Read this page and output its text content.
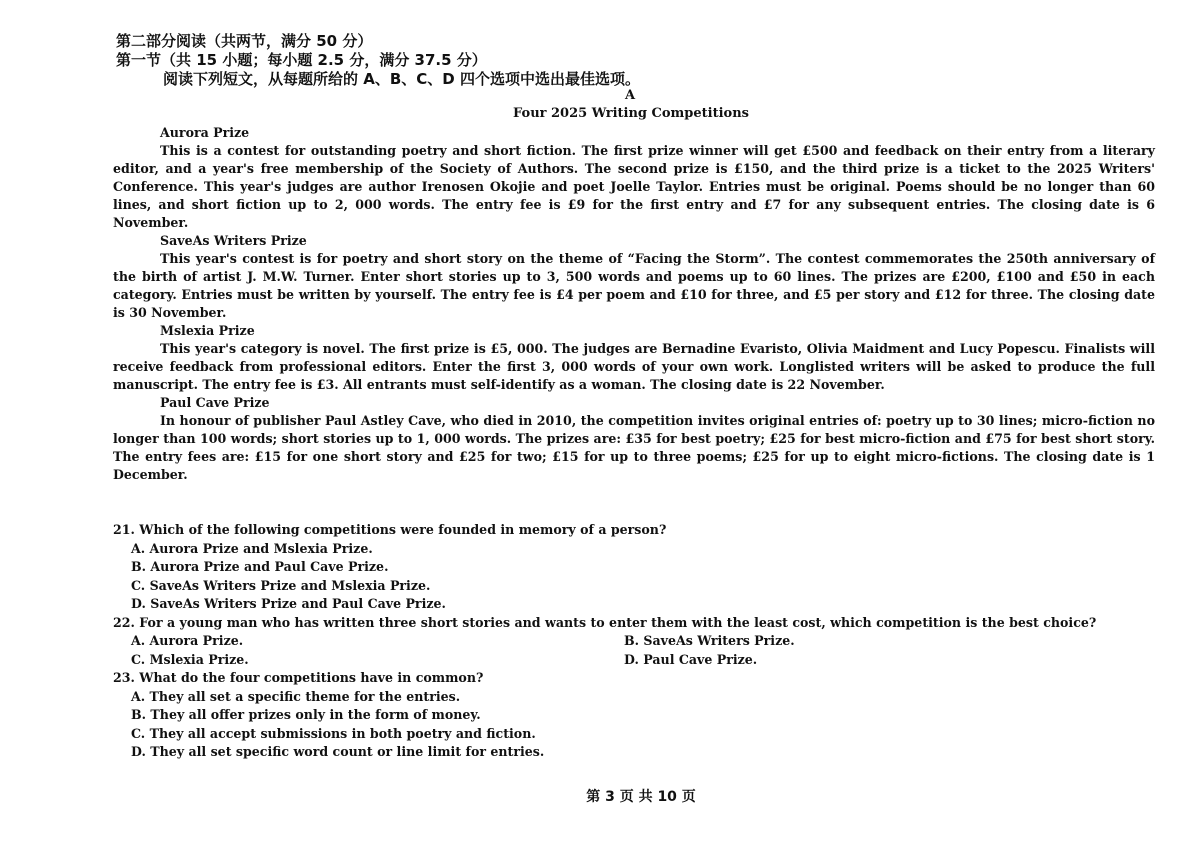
第二部分阅读（共两节，满分 50 分）
第一节（共 15 小题；每小题 2.5 分，满分 37.5 分）
阅读下列短文，从每题所给的 A、B、C、D 四个选项中选出最佳选项。
A
Four 2025 Writing Competitions
Aurora Prize

This is a contest for outstanding poetry and short fiction. The first prize winner will get £500 and feedback on their entry from a literary editor, and a year's free membership of the Society of Authors. The second prize is £150, and the third prize is a ticket to the 2025 Writers' Conference. This year's judges are author Irenosen Okojie and poet Joelle Taylor. Entries must be original. Poems should be no longer than 60 lines, and short fiction up to 2, 000 words. The entry fee is £9 for the first entry and £7 for any subsequent entries. The closing date is 6 November.

SaveAs Writers Prize

This year's contest is for poetry and short story on the theme of “Facing the Storm”. The contest commemorates the 250th anniversary of the birth of artist J. M.W. Turner. Enter short stories up to 3, 500 words and poems up to 60 lines. The prizes are £200, £100 and £50 in each category. Entries must be written by yourself. The entry fee is £4 per poem and £10 for three, and £5 per story and £12 for three. The closing date is 30 November.

Mslexia Prize

This year's category is novel. The first prize is £5, 000. The judges are Bernadine Evaristo, Olivia Maidment and Lucy Popescu. Finalists will receive feedback from professional editors. Enter the first 3, 000 words of your own work. Longlisted writers will be asked to produce the full manuscript. The entry fee is £3. All entrants must self-identify as a woman. The closing date is 22 November.

Paul Cave Prize

In honour of publisher Paul Astley Cave, who died in 2010, the competition invites original entries of: poetry up to 30 lines; micro-fiction no longer than 100 words; short stories up to 1, 000 words. The prizes are: £35 for best poetry; £25 for best micro-fiction and £75 for best short story. The entry fees are: £15 for one short story and £25 for two; £15 for up to three poems; £25 for up to eight micro-fictions. The closing date is 1 December.

21. Which of the following competitions were founded in memory of a person?
A. Aurora Prize and Mslexia Prize.
B. Aurora Prize and Paul Cave Prize.
C. SaveAs Writers Prize and Mslexia Prize.
D. SaveAs Writers Prize and Paul Cave Prize.
22. For a young man who has written three short stories and wants to enter them with the least cost, which competition is the best choice?
A. Aurora Prize.	B. SaveAs Writers Prize.
C. Mslexia Prize.	D. Paul Cave Prize.
23. What do the four competitions have in common?
A. They all set a specific theme for the entries.
B. They all offer prizes only in the form of money.
C. They all accept submissions in both poetry and fiction.
D. They all set specific word count or line limit for entries.
第 3 页 共 10 页
